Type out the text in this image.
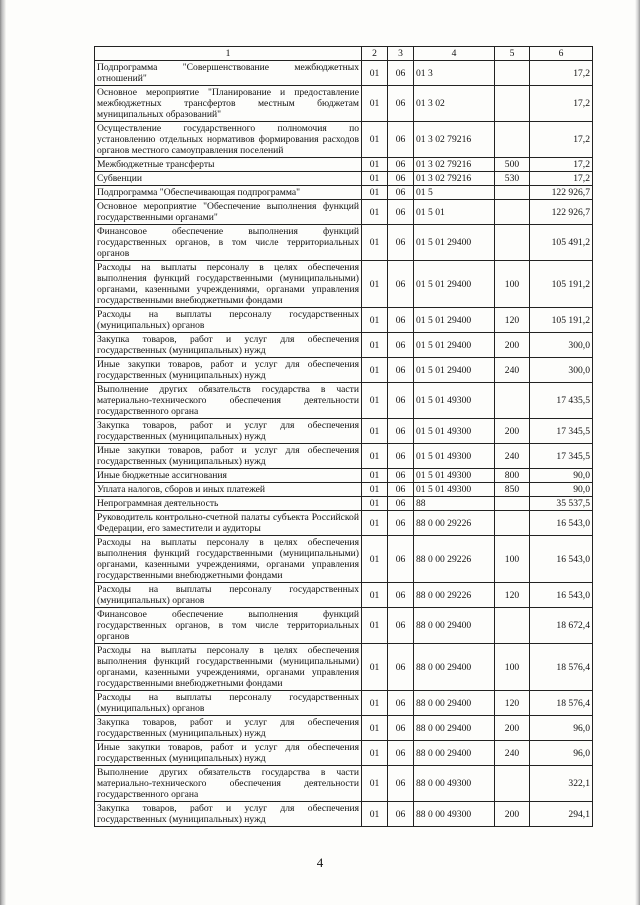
1	2	3	4	5	6
Подпрограмма "Совершенствование межбюджетных отношений"	01	06	01 3		17,2
Основное мероприятие "Планирование и предоставление межбюджетных трансфертов местным бюджетам муниципальных образований"	01	06	01 3 02		17,2
Осуществление государственного полномочия по установлению отдельных нормативов формирования расходов органов местного самоуправления поселений	01	06	01 3 02 79216		17,2
Межбюджетные трансферты	01	06	01 3 02 79216	500	17,2
Субвенции	01	06	01 3 02 79216	530	17,2
Подпрограмма "Обеспечивающая подпрограмма"	01	06	01 5		122 926,7
Основное мероприятие "Обеспечение выполнения функций государственными органами"	01	06	01 5 01		122 926,7
Финансовое обеспечение выполнения функций государственных органов, в том числе территориальных органов	01	06	01 5 01 29400		105 491,2
Расходы на выплаты персоналу в целях обеспечения выполнения функций государственными (муниципальными) органами, казенными учреждениями, органами управления государственными внебюджетными фондами	01	06	01 5 01 29400	100	105 191,2
Расходы на выплаты персоналу государственных (муниципальных) органов	01	06	01 5 01 29400	120	105 191,2
Закупка товаров, работ и услуг для обеспечения государственных (муниципальных) нужд	01	06	01 5 01 29400	200	300,0
Иные закупки товаров, работ и услуг для обеспечения государственных (муниципальных) нужд	01	06	01 5 01 29400	240	300,0
Выполнение других обязательств государства в части материально-технического обеспечения деятельности государственного органа	01	06	01 5 01 49300		17 435,5
Закупка товаров, работ и услуг для обеспечения государственных (муниципальных) нужд	01	06	01 5 01 49300	200	17 345,5
Иные закупки товаров, работ и услуг для обеспечения государственных (муниципальных) нужд	01	06	01 5 01 49300	240	17 345,5
Иные бюджетные ассигнования	01	06	01 5 01 49300	800	90,0
Уплата налогов, сборов и иных платежей	01	06	01 5 01 49300	850	90,0
Непрограммная деятельность	01	06	88		35 537,5
Руководитель контрольно-счетной палаты субъекта Российской Федерации, его заместители и аудиторы	01	06	88 0 00 29226		16 543,0
Расходы на выплаты персоналу в целях обеспечения выполнения функций государственными (муниципальными) органами, казенными учреждениями, органами управления государственными внебюджетными фондами	01	06	88 0 00 29226	100	16 543,0
Расходы на выплаты персоналу государственных (муниципальных) органов	01	06	88 0 00 29226	120	16 543,0
Финансовое обеспечение выполнения функций государственных органов, в том числе территориальных органов	01	06	88 0 00 29400		18 672,4
Расходы на выплаты персоналу в целях обеспечения выполнения функций государственными (муниципальными) органами, казенными учреждениями, органами управления государственными внебюджетными фондами	01	06	88 0 00 29400	100	18 576,4
Расходы на выплаты персоналу государственных (муниципальных) органов	01	06	88 0 00 29400	120	18 576,4
Закупка товаров, работ и услуг для обеспечения государственных (муниципальных) нужд	01	06	88 0 00 29400	200	96,0
Иные закупки товаров, работ и услуг для обеспечения государственных (муниципальных) нужд	01	06	88 0 00 29400	240	96,0
Выполнение других обязательств государства в части материально-технического обеспечения деятельности государственного органа	01	06	88 0 00 49300		322,1
Закупка товаров, работ и услуг для обеспечения государственных (муниципальных) нужд	01	06	88 0 00 49300	200	294,1
4
